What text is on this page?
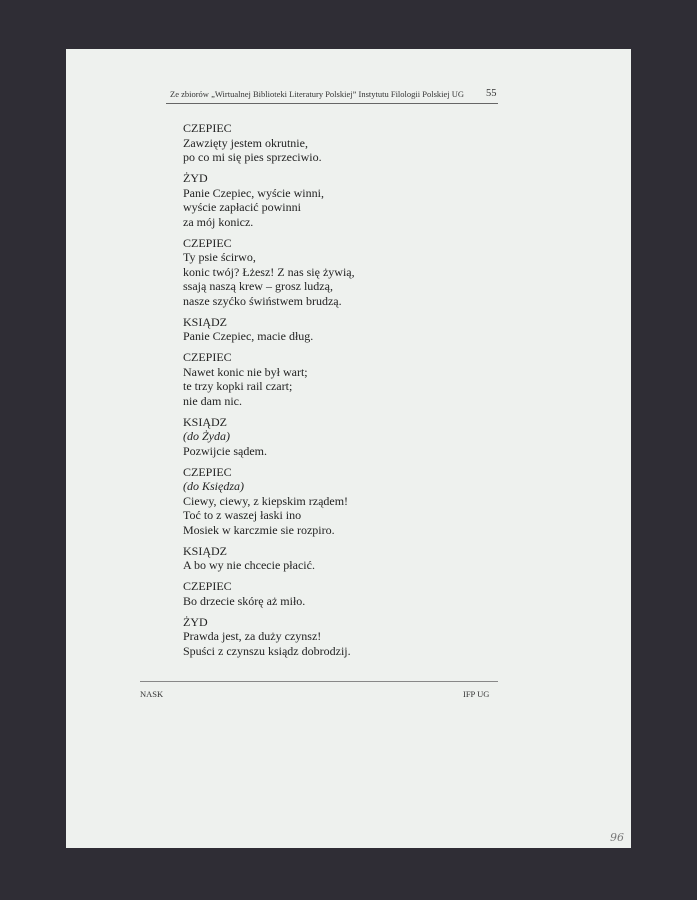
Ze zbiorów „Wirtualnej Biblioteki Literatury Polskiej” Instytutu Filologii Polskiej UG 55
CZEPIEC
Zawzięty jestem okrutnie,
po co mi się pies sprzeciwio.
ŻYD
Panie Czepiec, wyście winni,
wyście zapłacić powinni
za mój konicz.
CZEPIEC
Ty psie ścirwo,
konic twój? Łżesz! Z nas się żywią,
ssają naszą krew – grosz ludzą,
nasze szyćko świństwem brudzą.
KSIĄDZ
Panie Czepiec, macie dług.
CZEPIEC
Nawet konic nie był wart;
te trzy kopki rail czart;
nie dam nic.
KSIĄDZ
(do Żyda)
Pozwijcie sądem.
CZEPIEC
(do Księdza)
Ciewy, ciewy, z kiepskim rządem!
Toć to z waszej łaski ino
Mosiek w karczmie sie rozpiro.
KSIĄDZ
A bo wy nie chcecie płacić.
CZEPIEC
Bo drzecie skórę aż miło.
ŻYD
Prawda jest, za duży czynsz!
Spuści z czynszu ksiądz dobrodzij.
NASK	IFP UG
96
